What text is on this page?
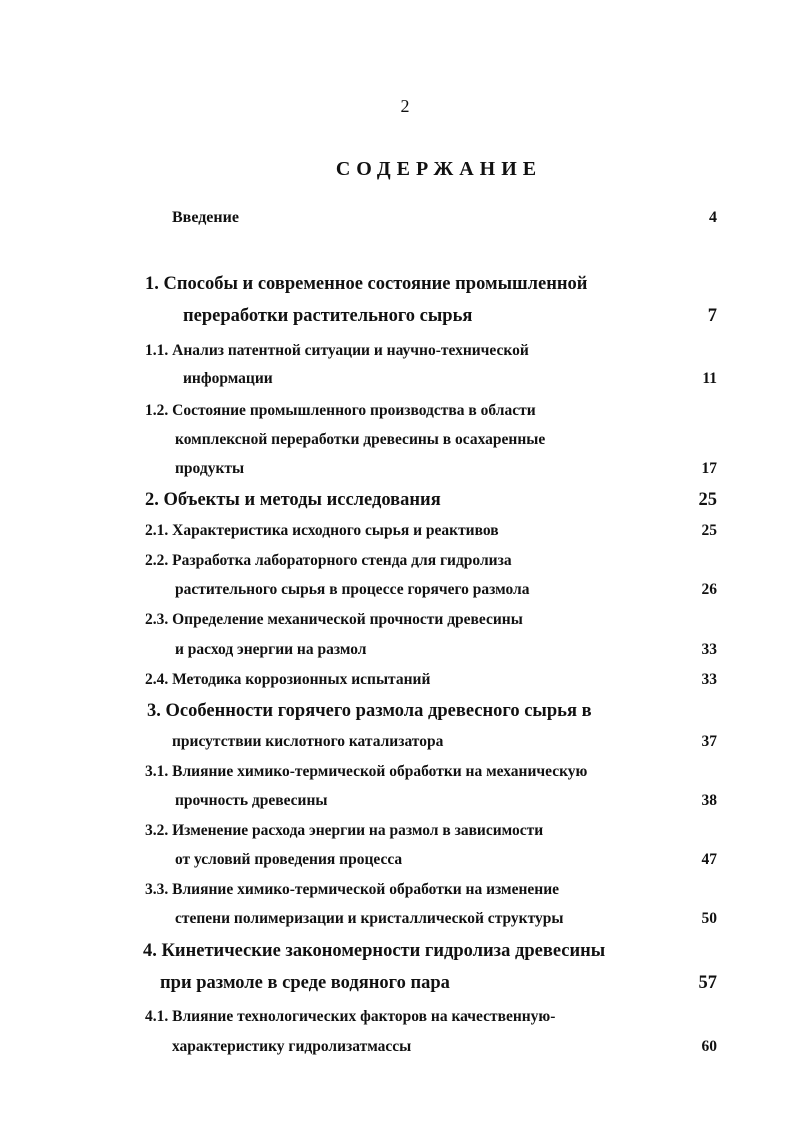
2
СОДЕРЖАНИЕ
Введение	4
1. Способы и современное состояние промышленной
переработки растительного сырья	7
1.1. Анализ патентной ситуации и научно-технической
информации	11
1.2. Состояние промышленного производства в области
комплексной переработки древесины в осахаренные
продукты	17
2. Объекты и методы исследования	25
2.1. Характеристика исходного сырья и реактивов	25
2.2. Разработка лабораторного стенда для гидролиза
растительного сырья в процессе горячего размола	26
2.3. Определение механической прочности древесины
и расход энергии на размол	33
2.4. Методика коррозионных испытаний	33
3. Особенности горячего размола древесного сырья в
присутствии кислотного катализатора	37
3.1. Влияние химико-термической обработки на механическую
прочность древесины	38
3.2. Изменение расхода энергии на размол в зависимости
от условий проведения процесса	47
3.3. Влияние химико-термической обработки на изменение
степени полимеризации и кристаллической структуры	50
4. Кинетические закономерности гидролиза древесины
при размоле в среде водяного пара	57
4.1. Влияние технологических факторов на качественную-
характеристику гидролизатмассы	60
